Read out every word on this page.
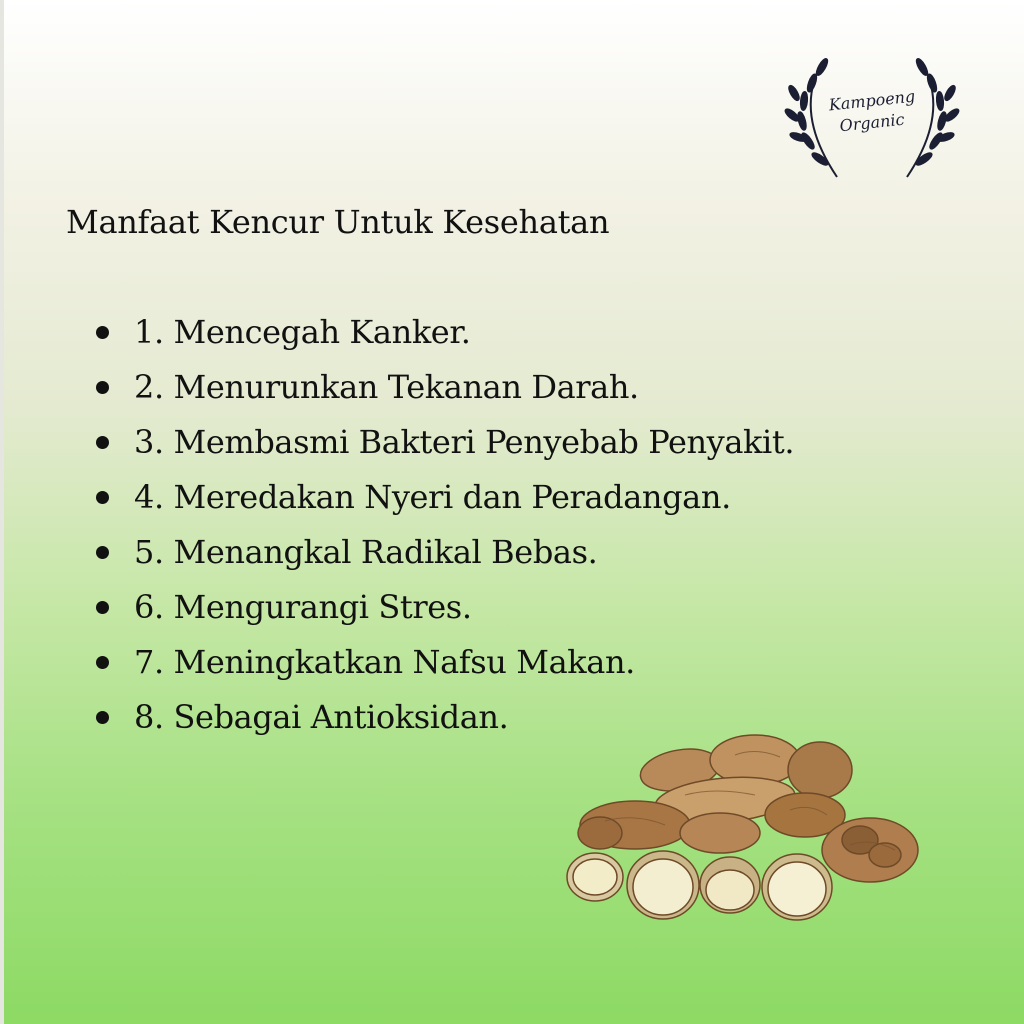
Kampoeng
Organic
Manfaat Kencur Untuk Kesehatan
1. Mencegah Kanker.
2. Menurunkan Tekanan Darah.
3. Membasmi Bakteri Penyebab Penyakit.
4. Meredakan Nyeri dan Peradangan.
5. Menangkal Radikal Bebas.
6. Mengurangi Stres.
7. Meningkatkan Nafsu Makan.
8. Sebagai Antioksidan.
